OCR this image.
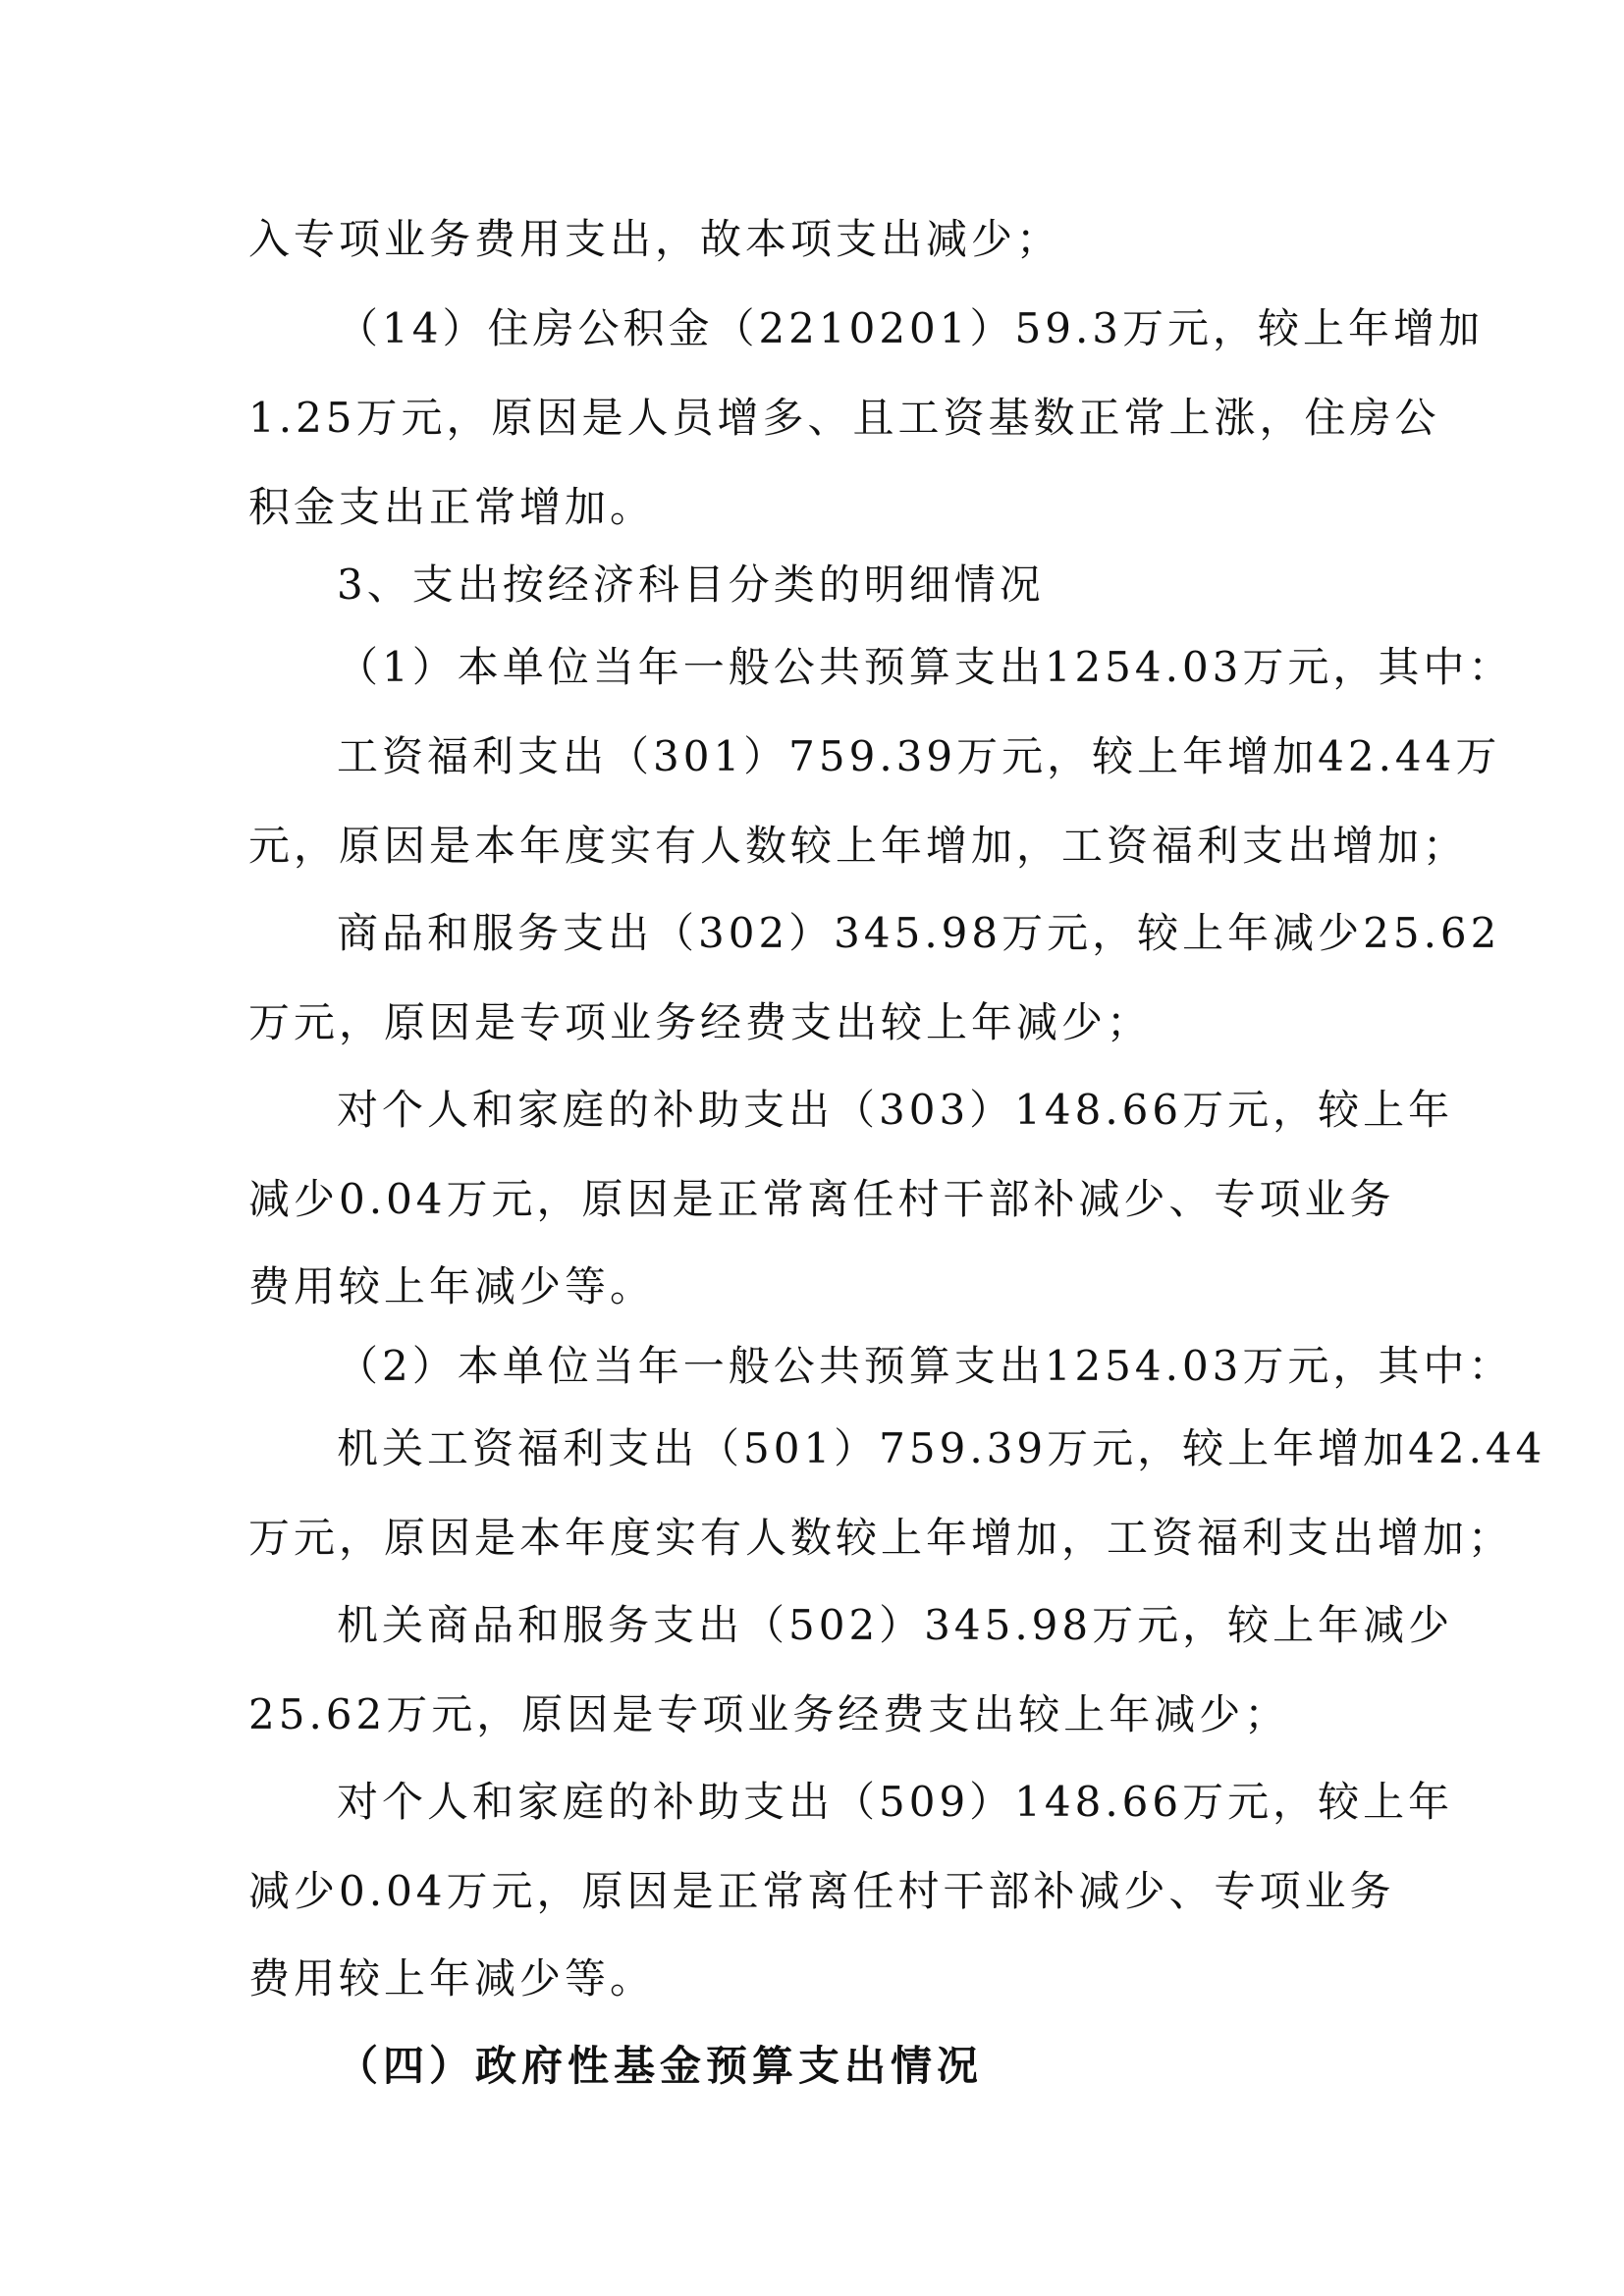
入专项业务费用支出，故本项支出减少；
（14）住房公积金（2210201）59.3万元，较上年增加
1.25万元，原因是人员增多、且工资基数正常上涨，住房公
积金支出正常增加。
3、支出按经济科目分类的明细情况
（1）本单位当年一般公共预算支出1254.03万元，其中：
工资福利支出（301）759.39万元，较上年增加42.44万
元，原因是本年度实有人数较上年增加，工资福利支出增加；
商品和服务支出（302）345.98万元，较上年减少25.62
万元，原因是专项业务经费支出较上年减少；
对个人和家庭的补助支出（303）148.66万元，较上年
减少0.04万元，原因是正常离任村干部补减少、专项业务
费用较上年减少等。
（2）本单位当年一般公共预算支出1254.03万元，其中：
机关工资福利支出（501）759.39万元，较上年增加42.44
万元，原因是本年度实有人数较上年增加，工资福利支出增加；
机关商品和服务支出（502）345.98万元，较上年减少
25.62万元，原因是专项业务经费支出较上年减少；
对个人和家庭的补助支出（509）148.66万元，较上年
减少0.04万元，原因是正常离任村干部补减少、专项业务
费用较上年减少等。
（四）政府性基金预算支出情况
